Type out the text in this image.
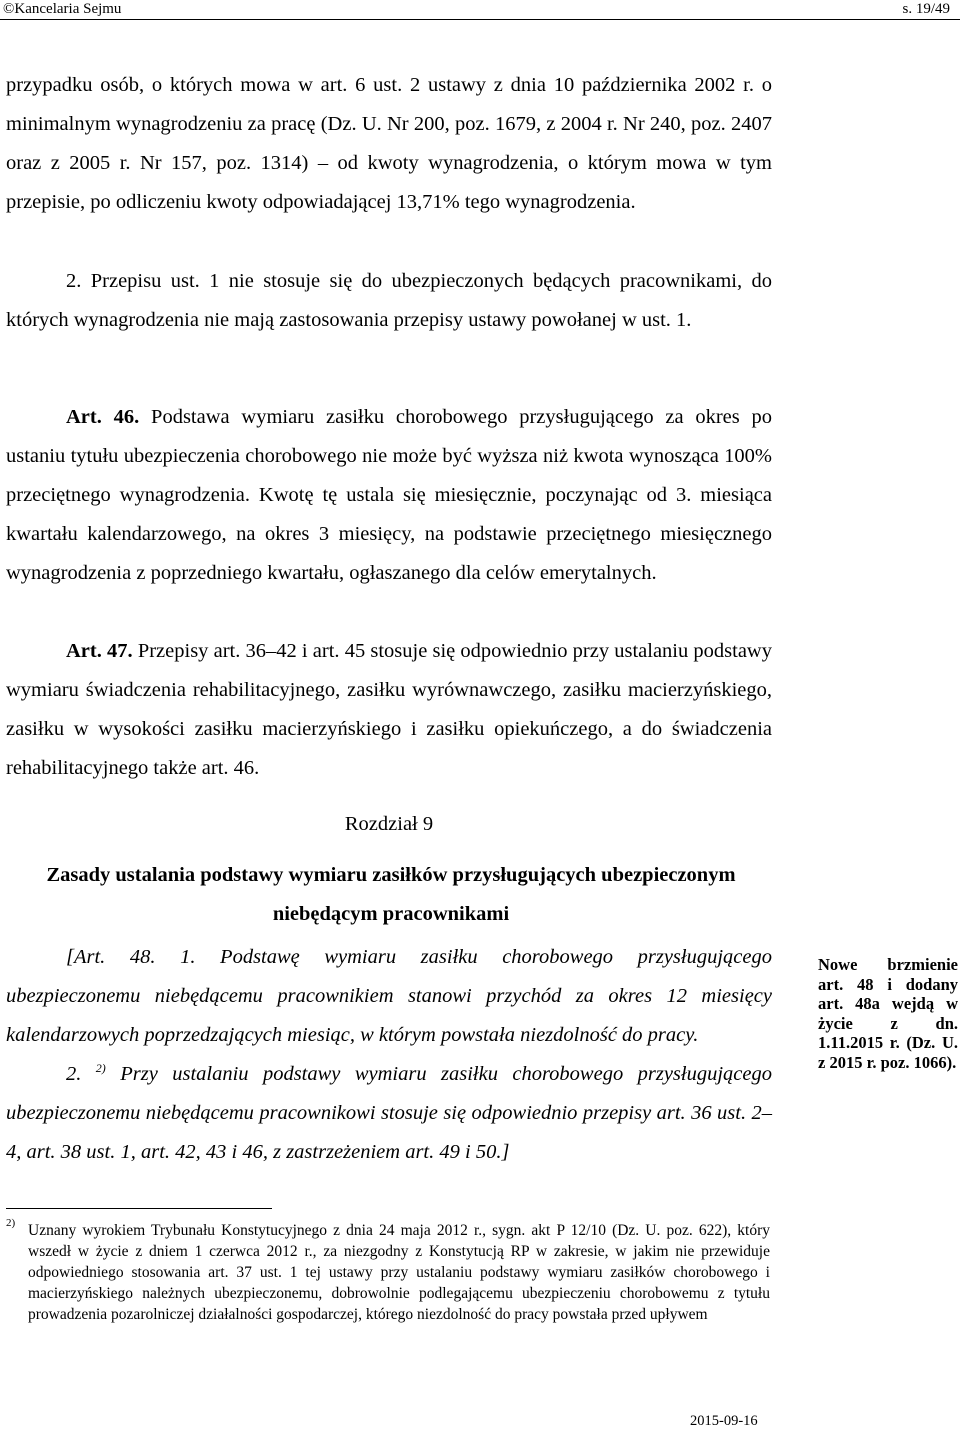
©Kancelaria Sejmu	s. 19/49

przypadku osób, o których mowa w art. 6 ust. 2 ustawy z dnia 10 października 2002 r. o minimalnym wynagrodzeniu za pracę (Dz. U. Nr 200, poz. 1679, z 2004 r. Nr 240, poz. 2407 oraz z 2005 r. Nr 157, poz. 1314) – od kwoty wynagrodzenia, o którym mowa w tym przepisie, po odliczeniu kwoty odpowiadającej 13,71% tego wynagrodzenia.

2. Przepisu ust. 1 nie stosuje się do ubezpieczonych będących pracownikami, do których wynagrodzenia nie mają zastosowania przepisy ustawy powołanej w ust. 1.

Art. 46. Podstawa wymiaru zasiłku chorobowego przysługującego za okres po ustaniu tytułu ubezpieczenia chorobowego nie może być wyższa niż kwota wynosząca 100% przeciętnego wynagrodzenia. Kwotę tę ustala się miesięcznie, poczynając od 3. miesiąca kwartału kalendarzowego, na okres 3 miesięcy, na podstawie przeciętnego miesięcznego wynagrodzenia z poprzedniego kwartału, ogłaszanego dla celów emerytalnych.

Art. 47. Przepisy art. 36–42 i art. 45 stosuje się odpowiednio przy ustalaniu podstawy wymiaru świadczenia rehabilitacyjnego, zasiłku wyrównawczego, zasiłku macierzyńskiego, zasiłku w wysokości zasiłku macierzyńskiego i zasiłku opiekuńczego, a do świadczenia rehabilitacyjnego także art. 46.

Rozdział 9
Zasady ustalania podstawy wymiaru zasiłków przysługujących ubezpieczonym niebędącym pracownikami

[Art. 48. 1. Podstawę wymiaru zasiłku chorobowego przysługującego ubezpieczonemu niebędącemu pracownikiem stanowi przychód za okres 12 miesięcy kalendarzowych poprzedzających miesiąc, w którym powstała niezdolność do pracy.

2. $^{2)}$ Przy ustalaniu podstawy wymiaru zasiłku chorobowego przysługującego ubezpieczonemu niebędącemu pracownikowi stosuje się odpowiednio przepisy art. 36 ust. 2–4, art. 38 ust. 1, art. 42, 43 i 46, z zastrzeżeniem art. 49 i 50.]

Nowe brzmienie art. 48 i dodany art. 48a wejdą w życie z dn. 1.11.2015 r. (Dz. U. z 2015 r. poz. 1066).
2) Uznany wyrokiem Trybunału Konstytucyjnego z dnia 24 maja 2012 r., sygn. akt P 12/10 (Dz. U. poz. 622), który wszedł w życie z dniem 1 czerwca 2012 r., za niezgodny z Konstytucją RP w zakresie, w jakim nie przewiduje odpowiedniego stosowania art. 37 ust. 1 tej ustawy przy ustalaniu podstawy wymiaru zasiłków chorobowego i macierzyńskiego należnych ubezpieczonemu, dobrowolnie podlegającemu ubezpieczeniu chorobowemu z tytułu prowadzenia pozarolniczej działalności gospodarczej, którego niezdolność do pracy powstała przed upływem
2015-09-16
